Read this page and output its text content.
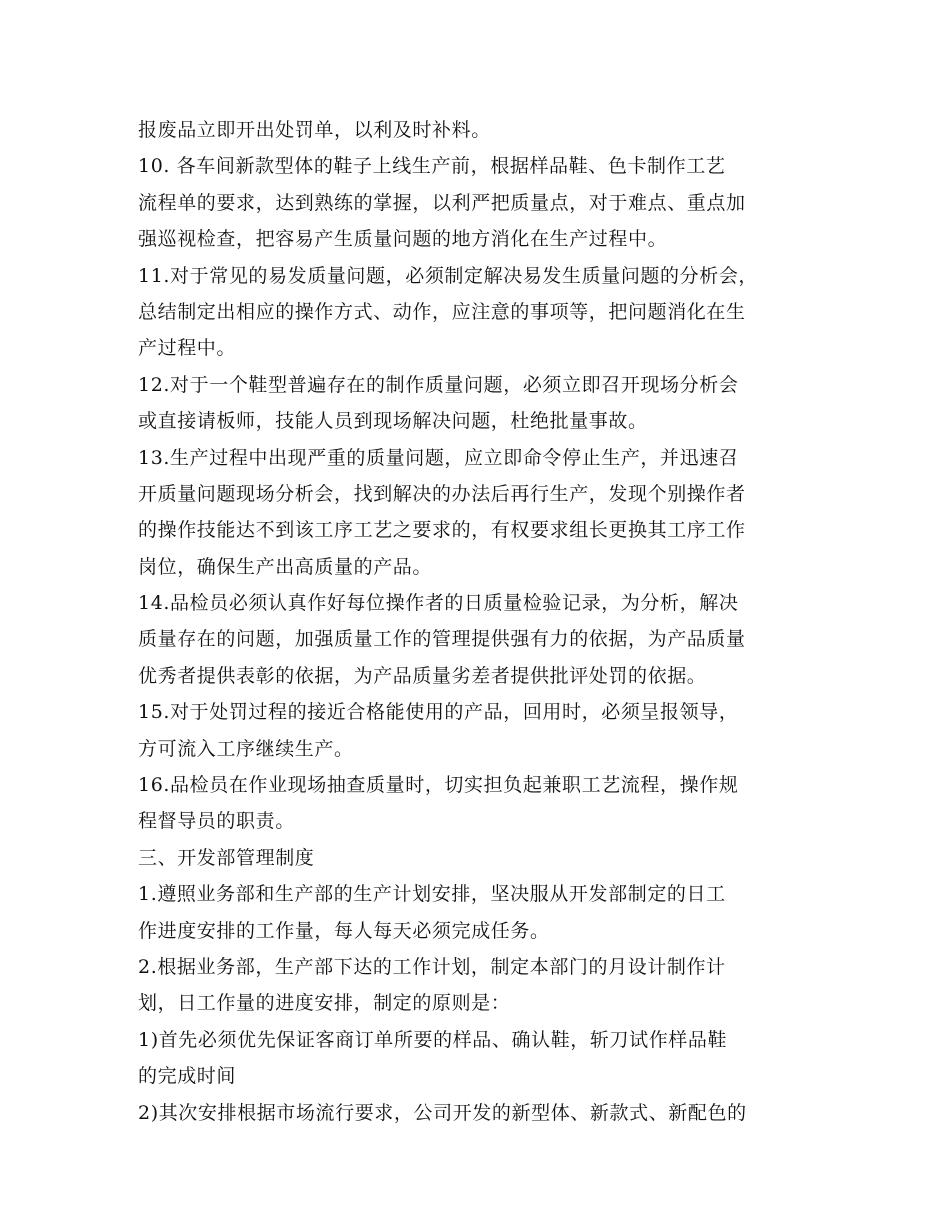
报废品立即开出处罚单，以利及时补料。
10. 各车间新款型体的鞋子上线生产前，根据样品鞋、色卡制作工艺
流程单的要求，达到熟练的掌握，以利严把质量点，对于难点、重点加
强巡视检查，把容易产生质量问题的地方消化在生产过程中。
11.对于常见的易发质量问题，必须制定解决易发生质量问题的分析会，
总结制定出相应的操作方式、动作，应注意的事项等，把问题消化在生
产过程中。
12.对于一个鞋型普遍存在的制作质量问题，必须立即召开现场分析会
或直接请板师，技能人员到现场解决问题，杜绝批量事故。
13.生产过程中出现严重的质量问题，应立即命令停止生产，并迅速召
开质量问题现场分析会，找到解决的办法后再行生产，发现个别操作者
的操作技能达不到该工序工艺之要求的，有权要求组长更换其工序工作
岗位，确保生产出高质量的产品。
14.品检员必须认真作好每位操作者的日质量检验记录，为分析，解决
质量存在的问题，加强质量工作的管理提供强有力的依据，为产品质量
优秀者提供表彰的依据，为产品质量劣差者提供批评处罚的依据。
15.对于处罚过程的接近合格能使用的产品，回用时，必须呈报领导，
方可流入工序继续生产。
16.品检员在作业现场抽查质量时，切实担负起兼职工艺流程，操作规
程督导员的职责。
三、开发部管理制度
1.遵照业务部和生产部的生产计划安排，坚决服从开发部制定的日工
作进度安排的工作量，每人每天必须完成任务。
2.根据业务部，生产部下达的工作计划，制定本部门的月设计制作计
划，日工作量的进度安排，制定的原则是：
1)首先必须优先保证客商订单所要的样品、确认鞋，斩刀试作样品鞋
的完成时间
2)其次安排根据市场流行要求，公司开发的新型体、新款式、新配色的
